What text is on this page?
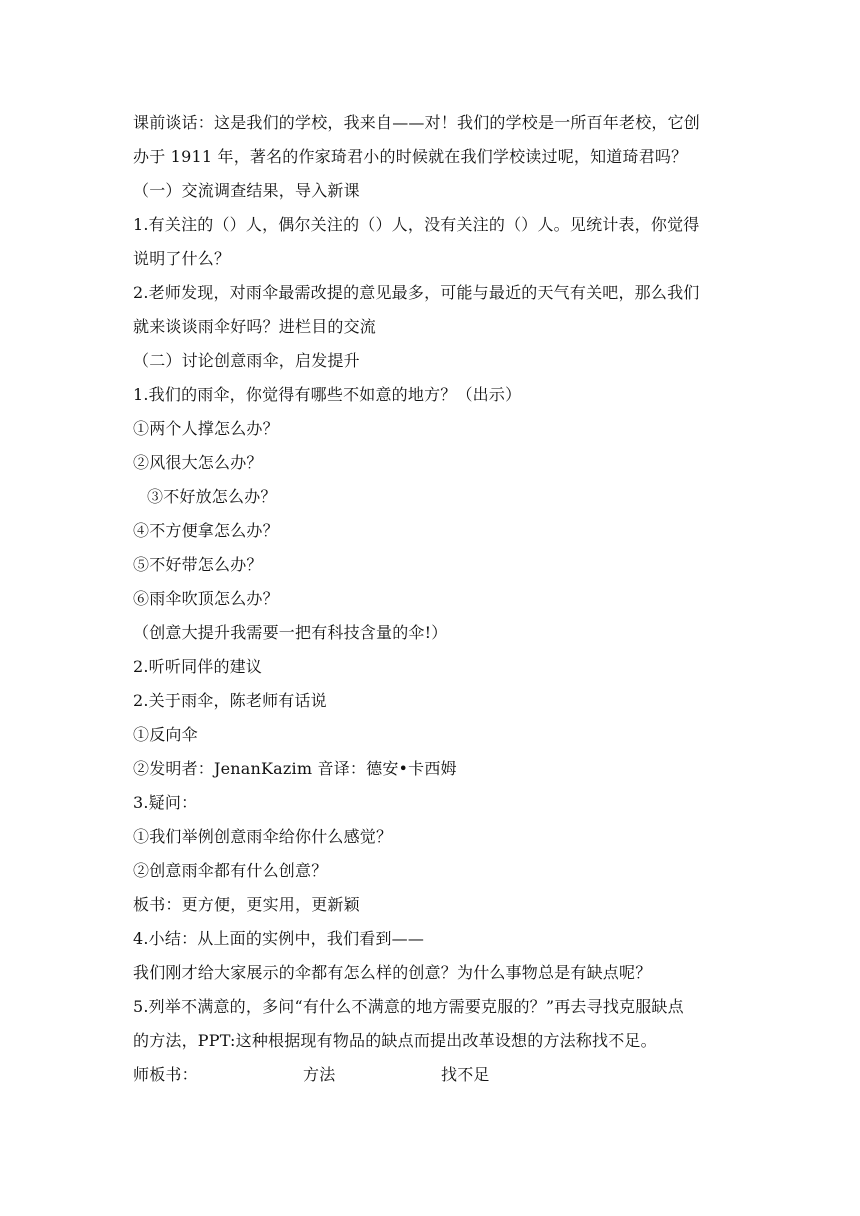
课前谈话：这是我们的学校，我来自——对！我们的学校是一所百年老校，它创
办于 1911 年，著名的作家琦君小的时候就在我们学校读过呢，知道琦君吗？
（一）交流调查结果，导入新课
1.有关注的（）人，偶尔关注的（）人，没有关注的（）人。见统计表，你觉得
说明了什么？
2.老师发现，对雨伞最需改提的意见最多，可能与最近的天气有关吧，那么我们
就来谈谈雨伞好吗？进栏目的交流
（二）讨论创意雨伞，启发提升
1.我们的雨伞，你觉得有哪些不如意的地方？（出示）
①两个人撑怎么办？
②风很大怎么办？
③不好放怎么办？
④不方便拿怎么办？
⑤不好带怎么办？
⑥雨伞吹顶怎么办？
（创意大提升我需要一把有科技含量的伞!）
2.听听同伴的建议
2.关于雨伞，陈老师有话说
①反向伞
②发明者：JenanKazim 音译：德安•卡西姆
3.疑问：
①我们举例创意雨伞给你什么感觉？
②创意雨伞都有什么创意？
板书：更方便，更实用，更新颖
4.小结：从上面的实例中，我们看到——
我们刚才给大家展示的伞都有怎么样的创意？为什么事物总是有缺点呢？
5.列举不满意的，多问“有什么不满意的地方需要克服的？”再去寻找克服缺点
的方法，PPT:这种根据现有物品的缺点而提出改革设想的方法称找不足。
师板书：	方法	找不足
